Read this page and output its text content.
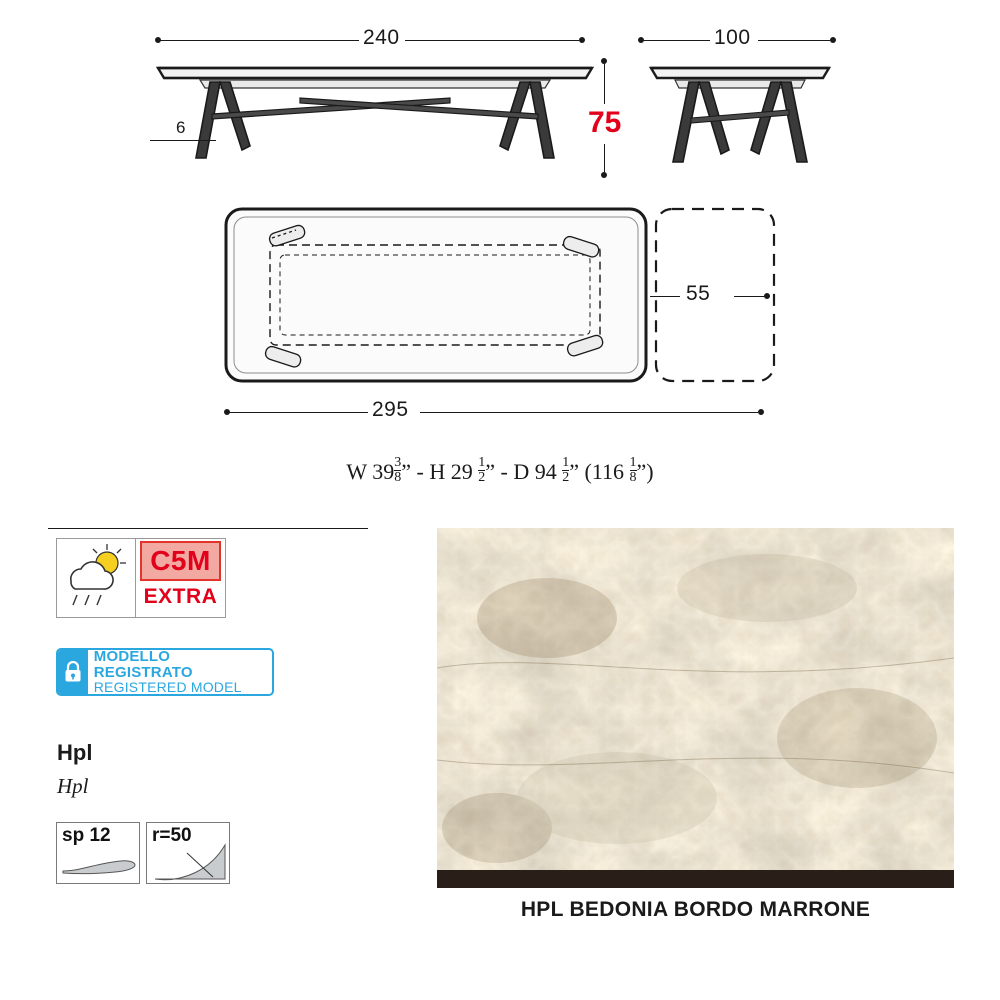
240
6
100
75
55
295
W $39 \frac{3}{8}$ ” - H $29 \frac{1}{2}$ ” - D $94 \frac{1}{2}$ ” ($116 \frac{1}{8}$ ”)
C5M
EXTRA
MODELLO REGISTRATO
REGISTERED MODEL
Hpl
Hpl
sp 12 r=50
HPL BEDONIA BORDO MARRONE
